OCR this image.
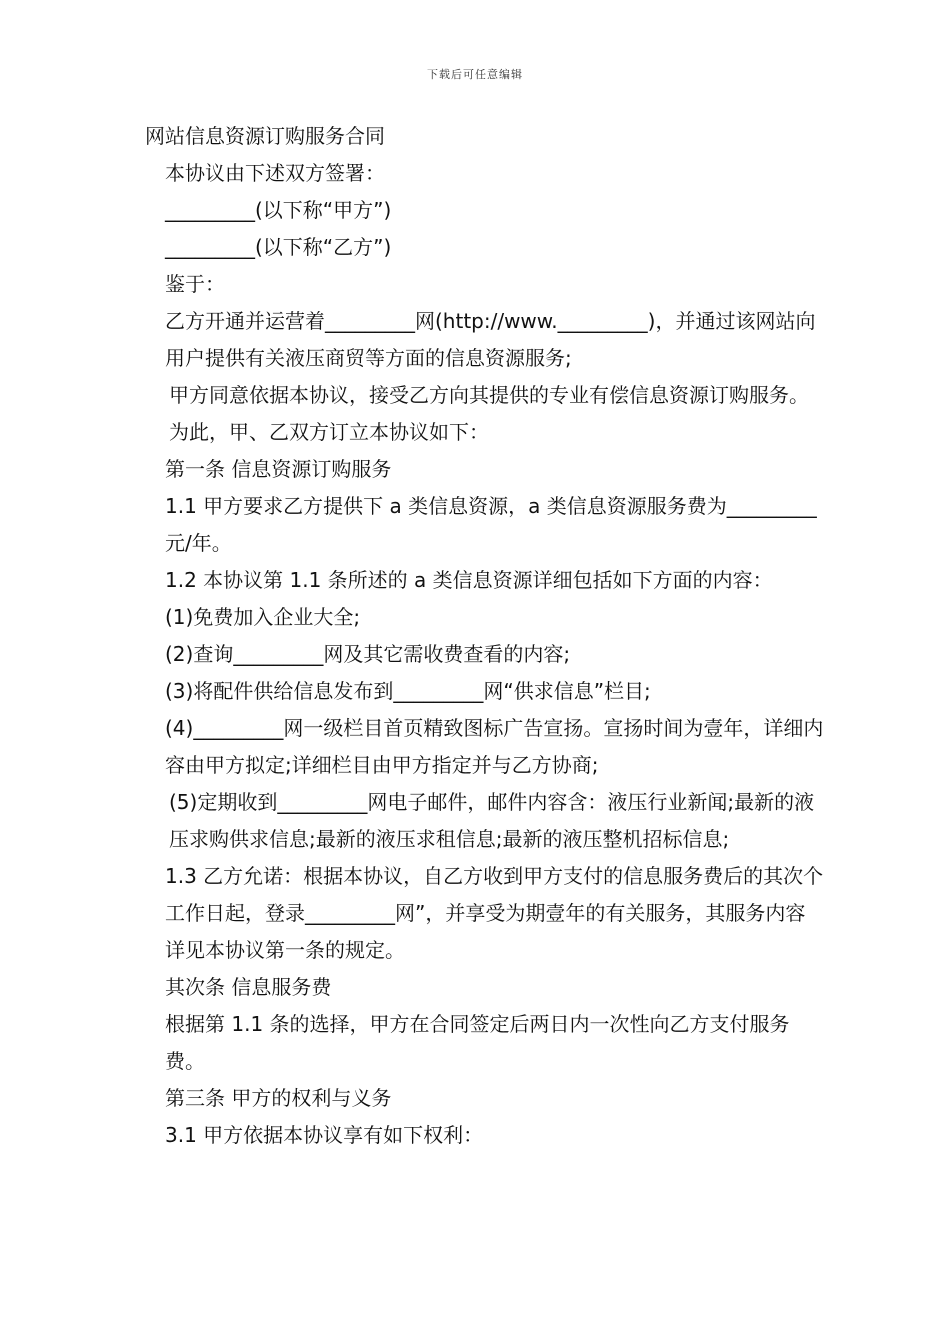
下载后可任意编辑

网站信息资源订购服务合同

本协议由下述双方签署：

_________(以下称“甲方”)

_________(以下称“乙方”)

鉴于：

乙方开通并运营着_________网(http://www._________)，并通过该网站向用户提供有关液压商贸等方面的信息资源服务;

甲方同意依据本协议，接受乙方向其提供的专业有偿信息资源订购服务。为此，甲、乙双方订立本协议如下：

第一条 信息资源订购服务

1.1 甲方要求乙方提供下 a 类信息资源，a 类信息资源服务费为_________元/年。

1.2 本协议第 1.1 条所述的 a 类信息资源详细包括如下方面的内容：

(1)免费加入企业大全;

(2)查询_________网及其它需收费查看的内容;

(3)将配件供给信息发布到_________网“供求信息”栏目;

(4)_________网一级栏目首页精致图标广告宣扬。宣扬时间为壹年，详细内容由甲方拟定;详细栏目由甲方指定并与乙方协商;

(5)定期收到_________网电子邮件，邮件内容含：液压行业新闻;最新的液压求购供求信息;最新的液压求租信息;最新的液压整机招标信息;

1.3 乙方允诺：根据本协议，自乙方收到甲方支付的信息服务费后的其次个工作日起，登录_________网”，并享受为期壹年的有关服务，其服务内容详见本协议第一条的规定。

其次条 信息服务费

根据第 1.1 条的选择，甲方在合同签定后两日内一次性向乙方支付服务费。

第三条 甲方的权利与义务

3.1 甲方依据本协议享有如下权利：
